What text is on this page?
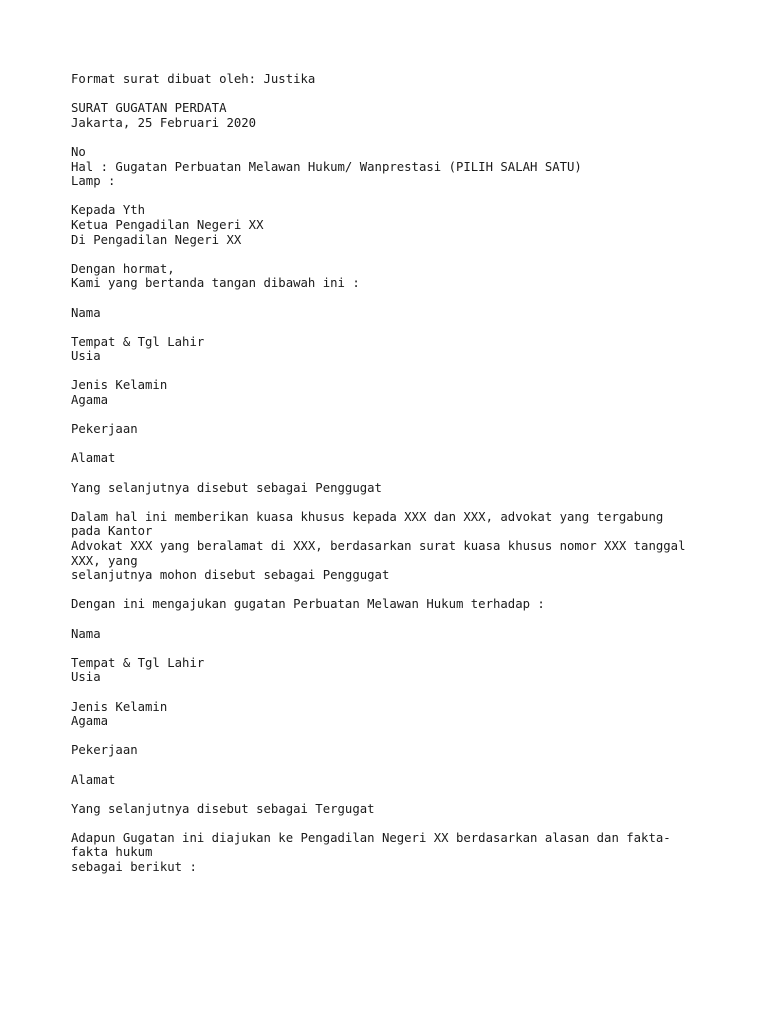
Format surat dibuat oleh: Justika
SURAT GUGATAN PERDATA
Jakarta, 25 Februari 2020
No
Hal : Gugatan Perbuatan Melawan Hukum/ Wanprestasi (PILIH SALAH SATU)
Lamp :
Kepada Yth
Ketua Pengadilan Negeri XX
Di Pengadilan Negeri XX
Dengan hormat,
Kami yang bertanda tangan dibawah ini :
Nama
Tempat & Tgl Lahir
Usia
Jenis Kelamin
Agama
Pekerjaan
Alamat
Yang selanjutnya disebut sebagai Penggugat
Dalam hal ini memberikan kuasa khusus kepada XXX dan XXX, advokat yang tergabung
pada Kantor
Advokat XXX yang beralamat di XXX, berdasarkan surat kuasa khusus nomor XXX tanggal
XXX, yang
selanjutnya mohon disebut sebagai Penggugat
Dengan ini mengajukan gugatan Perbuatan Melawan Hukum terhadap :
Nama
Tempat & Tgl Lahir
Usia
Jenis Kelamin
Agama
Pekerjaan
Alamat
Yang selanjutnya disebut sebagai Tergugat
Adapun Gugatan ini diajukan ke Pengadilan Negeri XX berdasarkan alasan dan fakta-
fakta hukum
sebagai berikut :
